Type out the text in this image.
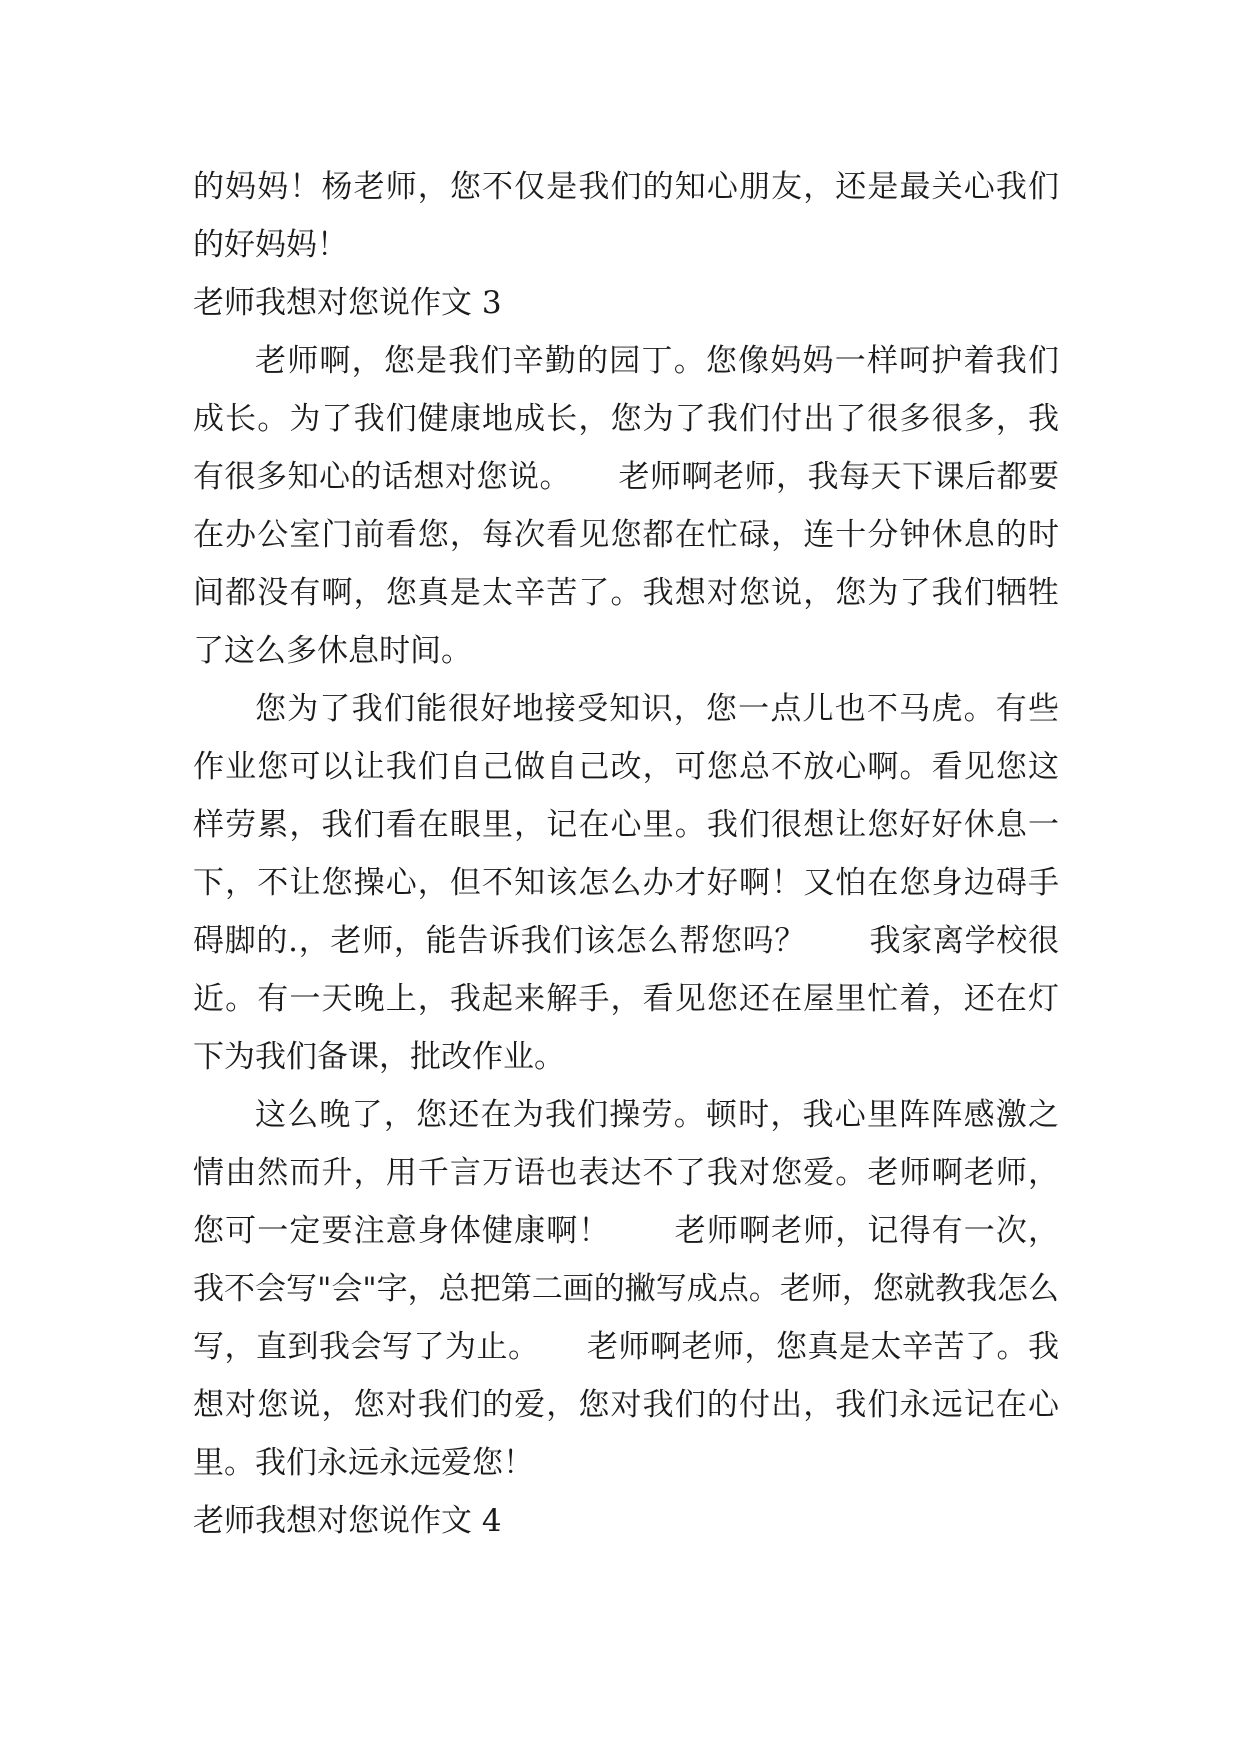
的妈妈！杨老师，您不仅是我们的知心朋友，还是最关心我们的好妈妈！

老师我想对您说作文 3

老师啊，您是我们辛勤的园丁。您像妈妈一样呵护着我们成长。为了我们健康地成长，您为了我们付出了很多很多，我有很多知心的话想对您说。　　老师啊老师，我每天下课后都要在办公室门前看您，每次看见您都在忙碌，连十分钟休息的时间都没有啊，您真是太辛苦了。我想对您说，您为了我们牺牲了这么多休息时间。

您为了我们能很好地接受知识，您一点儿也不马虎。有些作业您可以让我们自己做自己改，可您总不放心啊。看见您这样劳累，我们看在眼里，记在心里。我们很想让您好好休息一下，不让您操心，但不知该怎么办才好啊！又怕在您身边碍手碍脚的.，老师，能告诉我们该怎么帮您吗？　　我家离学校很近。有一天晚上，我起来解手，看见您还在屋里忙着，还在灯下为我们备课，批改作业。

这么晚了，您还在为我们操劳。顿时，我心里阵阵感激之情由然而升，用千言万语也表达不了我对您爱。老师啊老师，您可一定要注意身体健康啊！　　老师啊老师，记得有一次，我不会写"会"字，总把第二画的撇写成点。老师，您就教我怎么写，直到我会写了为止。　　老师啊老师，您真是太辛苦了。我想对您说，您对我们的爱，您对我们的付出，我们永远记在心里。我们永远永远爱您！

老师我想对您说作文 4
